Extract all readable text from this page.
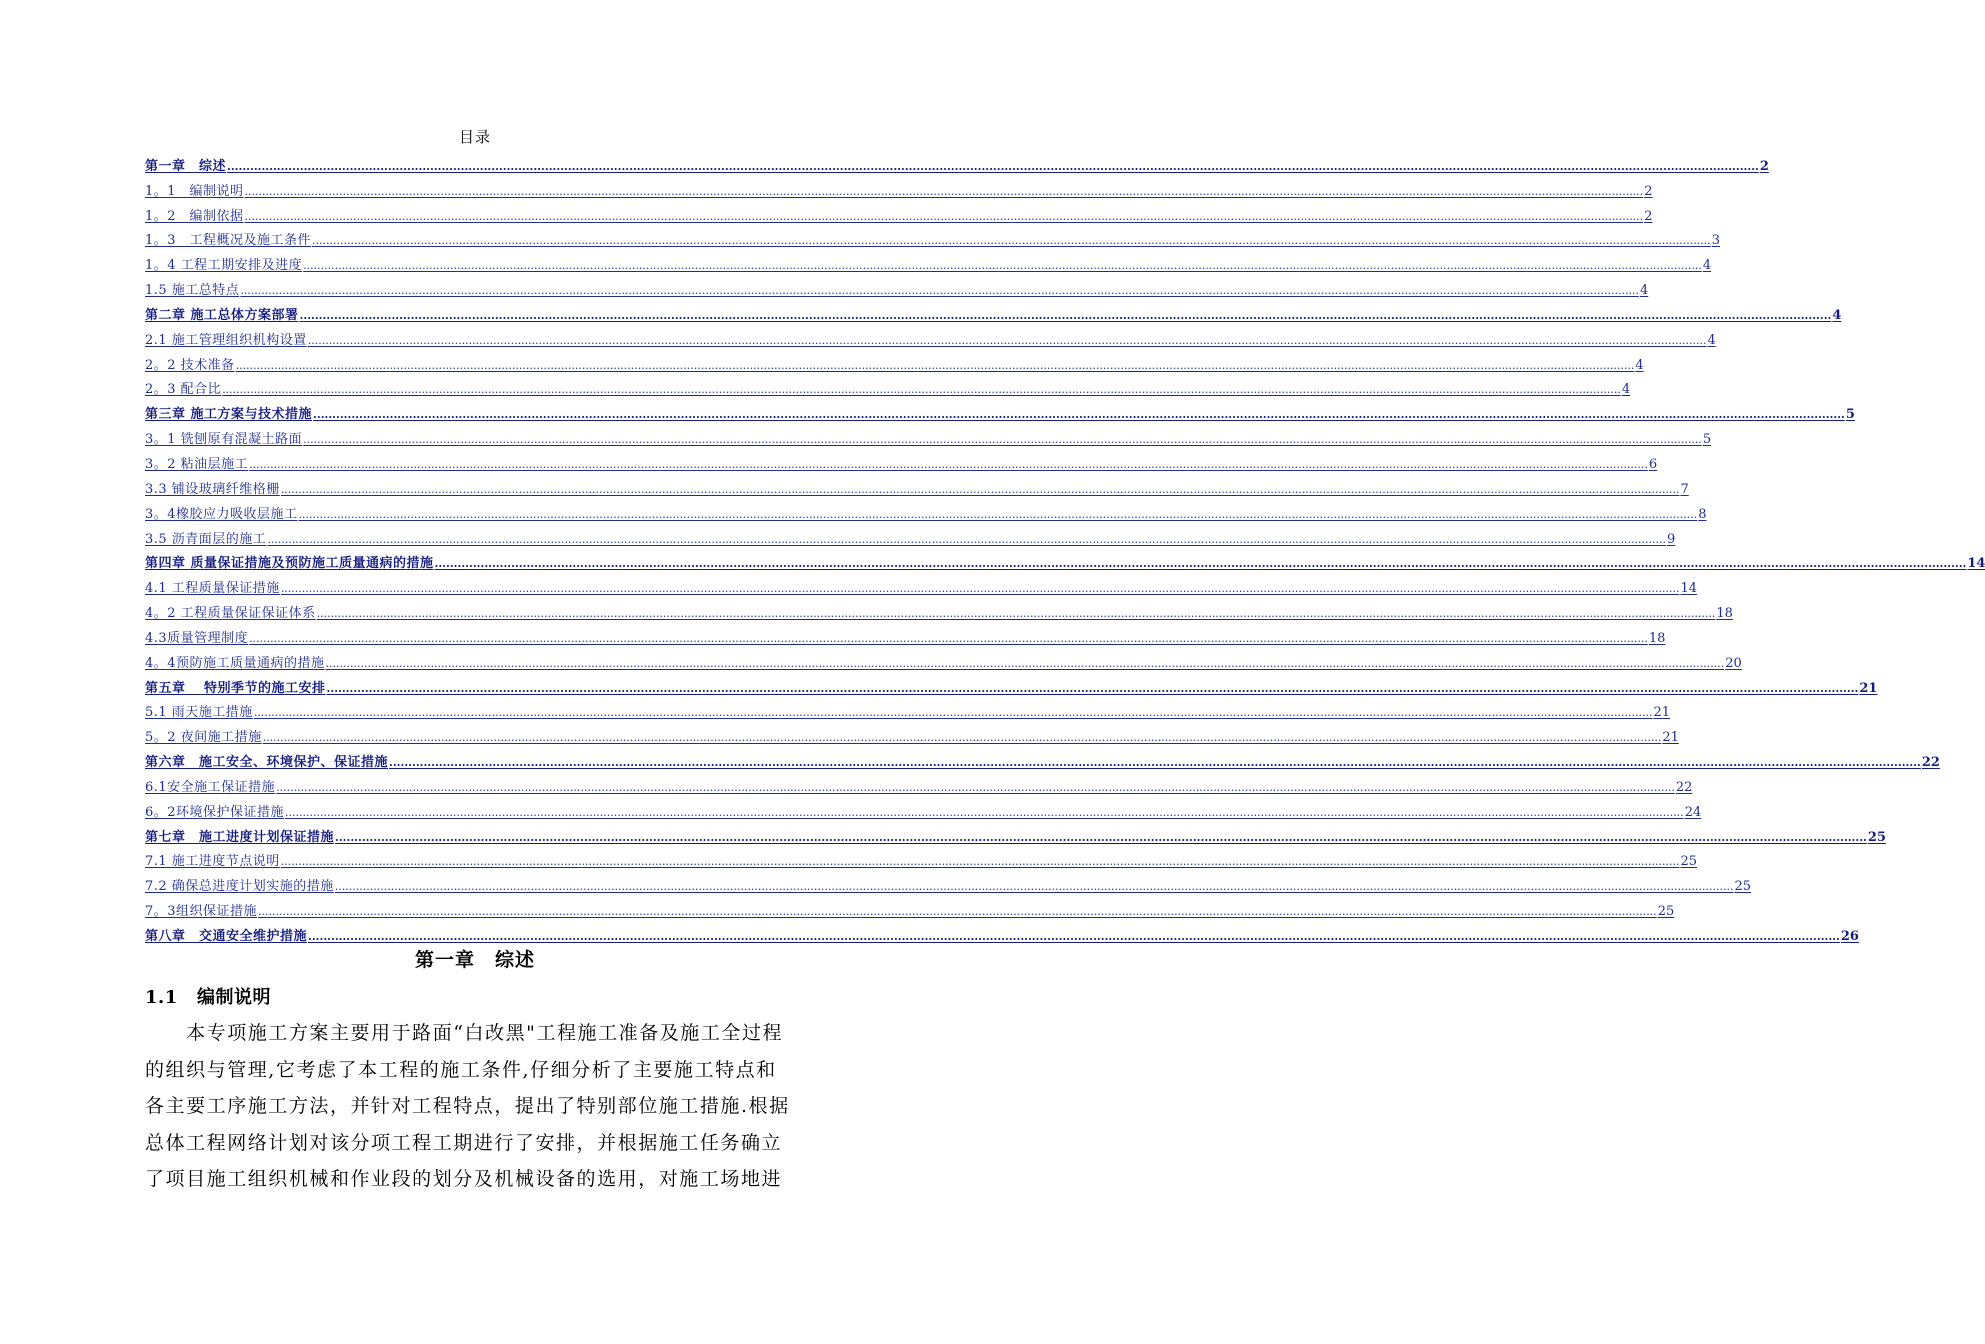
目录
第一章　综述 ................................................................................................................................................................................................................................................................................................................................................................................................................ 2
1。1　编制说明 ................................................................................................................................................................................................................................................................................................................................................................................................................ 2
1。2　编制依据 ................................................................................................................................................................................................................................................................................................................................................................................................................ 2
1。3　工程概况及施工条件 ................................................................................................................................................................................................................................................................................................................................................................................................................ 3
1。4 工程工期安排及进度 ................................................................................................................................................................................................................................................................................................................................................................................................................ 4
1.5 施工总特点 ................................................................................................................................................................................................................................................................................................................................................................................................................ 4
第二章 施工总体方案部署 ................................................................................................................................................................................................................................................................................................................................................................................................................ 4
2.1 施工管理组织机构设置 ................................................................................................................................................................................................................................................................................................................................................................................................................ 4
2。2 技术准备 ................................................................................................................................................................................................................................................................................................................................................................................................................ 4
2。3 配合比 ................................................................................................................................................................................................................................................................................................................................................................................................................ 4
第三章 施工方案与技术措施 ................................................................................................................................................................................................................................................................................................................................................................................................................ 5
3。1 铣刨原有混凝土路面 ................................................................................................................................................................................................................................................................................................................................................................................................................ 5
3。2 粘油层施工 ................................................................................................................................................................................................................................................................................................................................................................................................................ 6
3.3 铺设玻璃纤维格栅 ................................................................................................................................................................................................................................................................................................................................................................................................................ 7
3。4橡胶应力吸收层施工 ................................................................................................................................................................................................................................................................................................................................................................................................................ 8
3.5 沥青面层的施工 ................................................................................................................................................................................................................................................................................................................................................................................................................ 9
第四章 质量保证措施及预防施工质量通病的措施 ................................................................................................................................................................................................................................................................................................................................................................................................................ 14
4.1 工程质量保证措施 ................................................................................................................................................................................................................................................................................................................................................................................................................ 14
4。2 工程质量保证保证体系 ................................................................................................................................................................................................................................................................................................................................................................................................................ 18
4.3质量管理制度 ................................................................................................................................................................................................................................................................................................................................................................................................................ 18
4。4预防施工质量通病的措施 ................................................................................................................................................................................................................................................................................................................................................................................................................ 20
第五章　 特别季节的施工安排 ................................................................................................................................................................................................................................................................................................................................................................................................................ 21
5.1 雨天施工措施 ................................................................................................................................................................................................................................................................................................................................................................................................................ 21
5。2 夜间施工措施 ................................................................................................................................................................................................................................................................................................................................................................................................................ 21
第六章　施工安全、环境保护、保证措施 ................................................................................................................................................................................................................................................................................................................................................................................................................ 22
6.1安全施工保证措施 ................................................................................................................................................................................................................................................................................................................................................................................................................ 22
6。2环境保护保证措施 ................................................................................................................................................................................................................................................................................................................................................................................................................ 24
第七章　施工进度计划保证措施 ................................................................................................................................................................................................................................................................................................................................................................................................................ 25
7.1 施工进度节点说明 ................................................................................................................................................................................................................................................................................................................................................................................................................ 25
7.2 确保总进度计划实施的措施 ................................................................................................................................................................................................................................................................................................................................................................................................................ 25
7。3组织保证措施 ................................................................................................................................................................................................................................................................................................................................................................................................................ 25
第八章　交通安全维护措施 ................................................................................................................................................................................................................................................................................................................................................................................................................ 26
第一章　综述
1.1 编制说明
　　本专项施工方案主要用于路面“白改黑"工程施工准备及施工全过程
的组织与管理,它考虑了本工程的施工条件,仔细分析了主要施工特点和
各主要工序施工方法，并针对工程特点，提出了特别部位施工措施.根据
总体工程网络计划对该分项工程工期进行了安排，并根据施工任务确立
了项目施工组织机械和作业段的划分及机械设备的选用，对施工场地进
